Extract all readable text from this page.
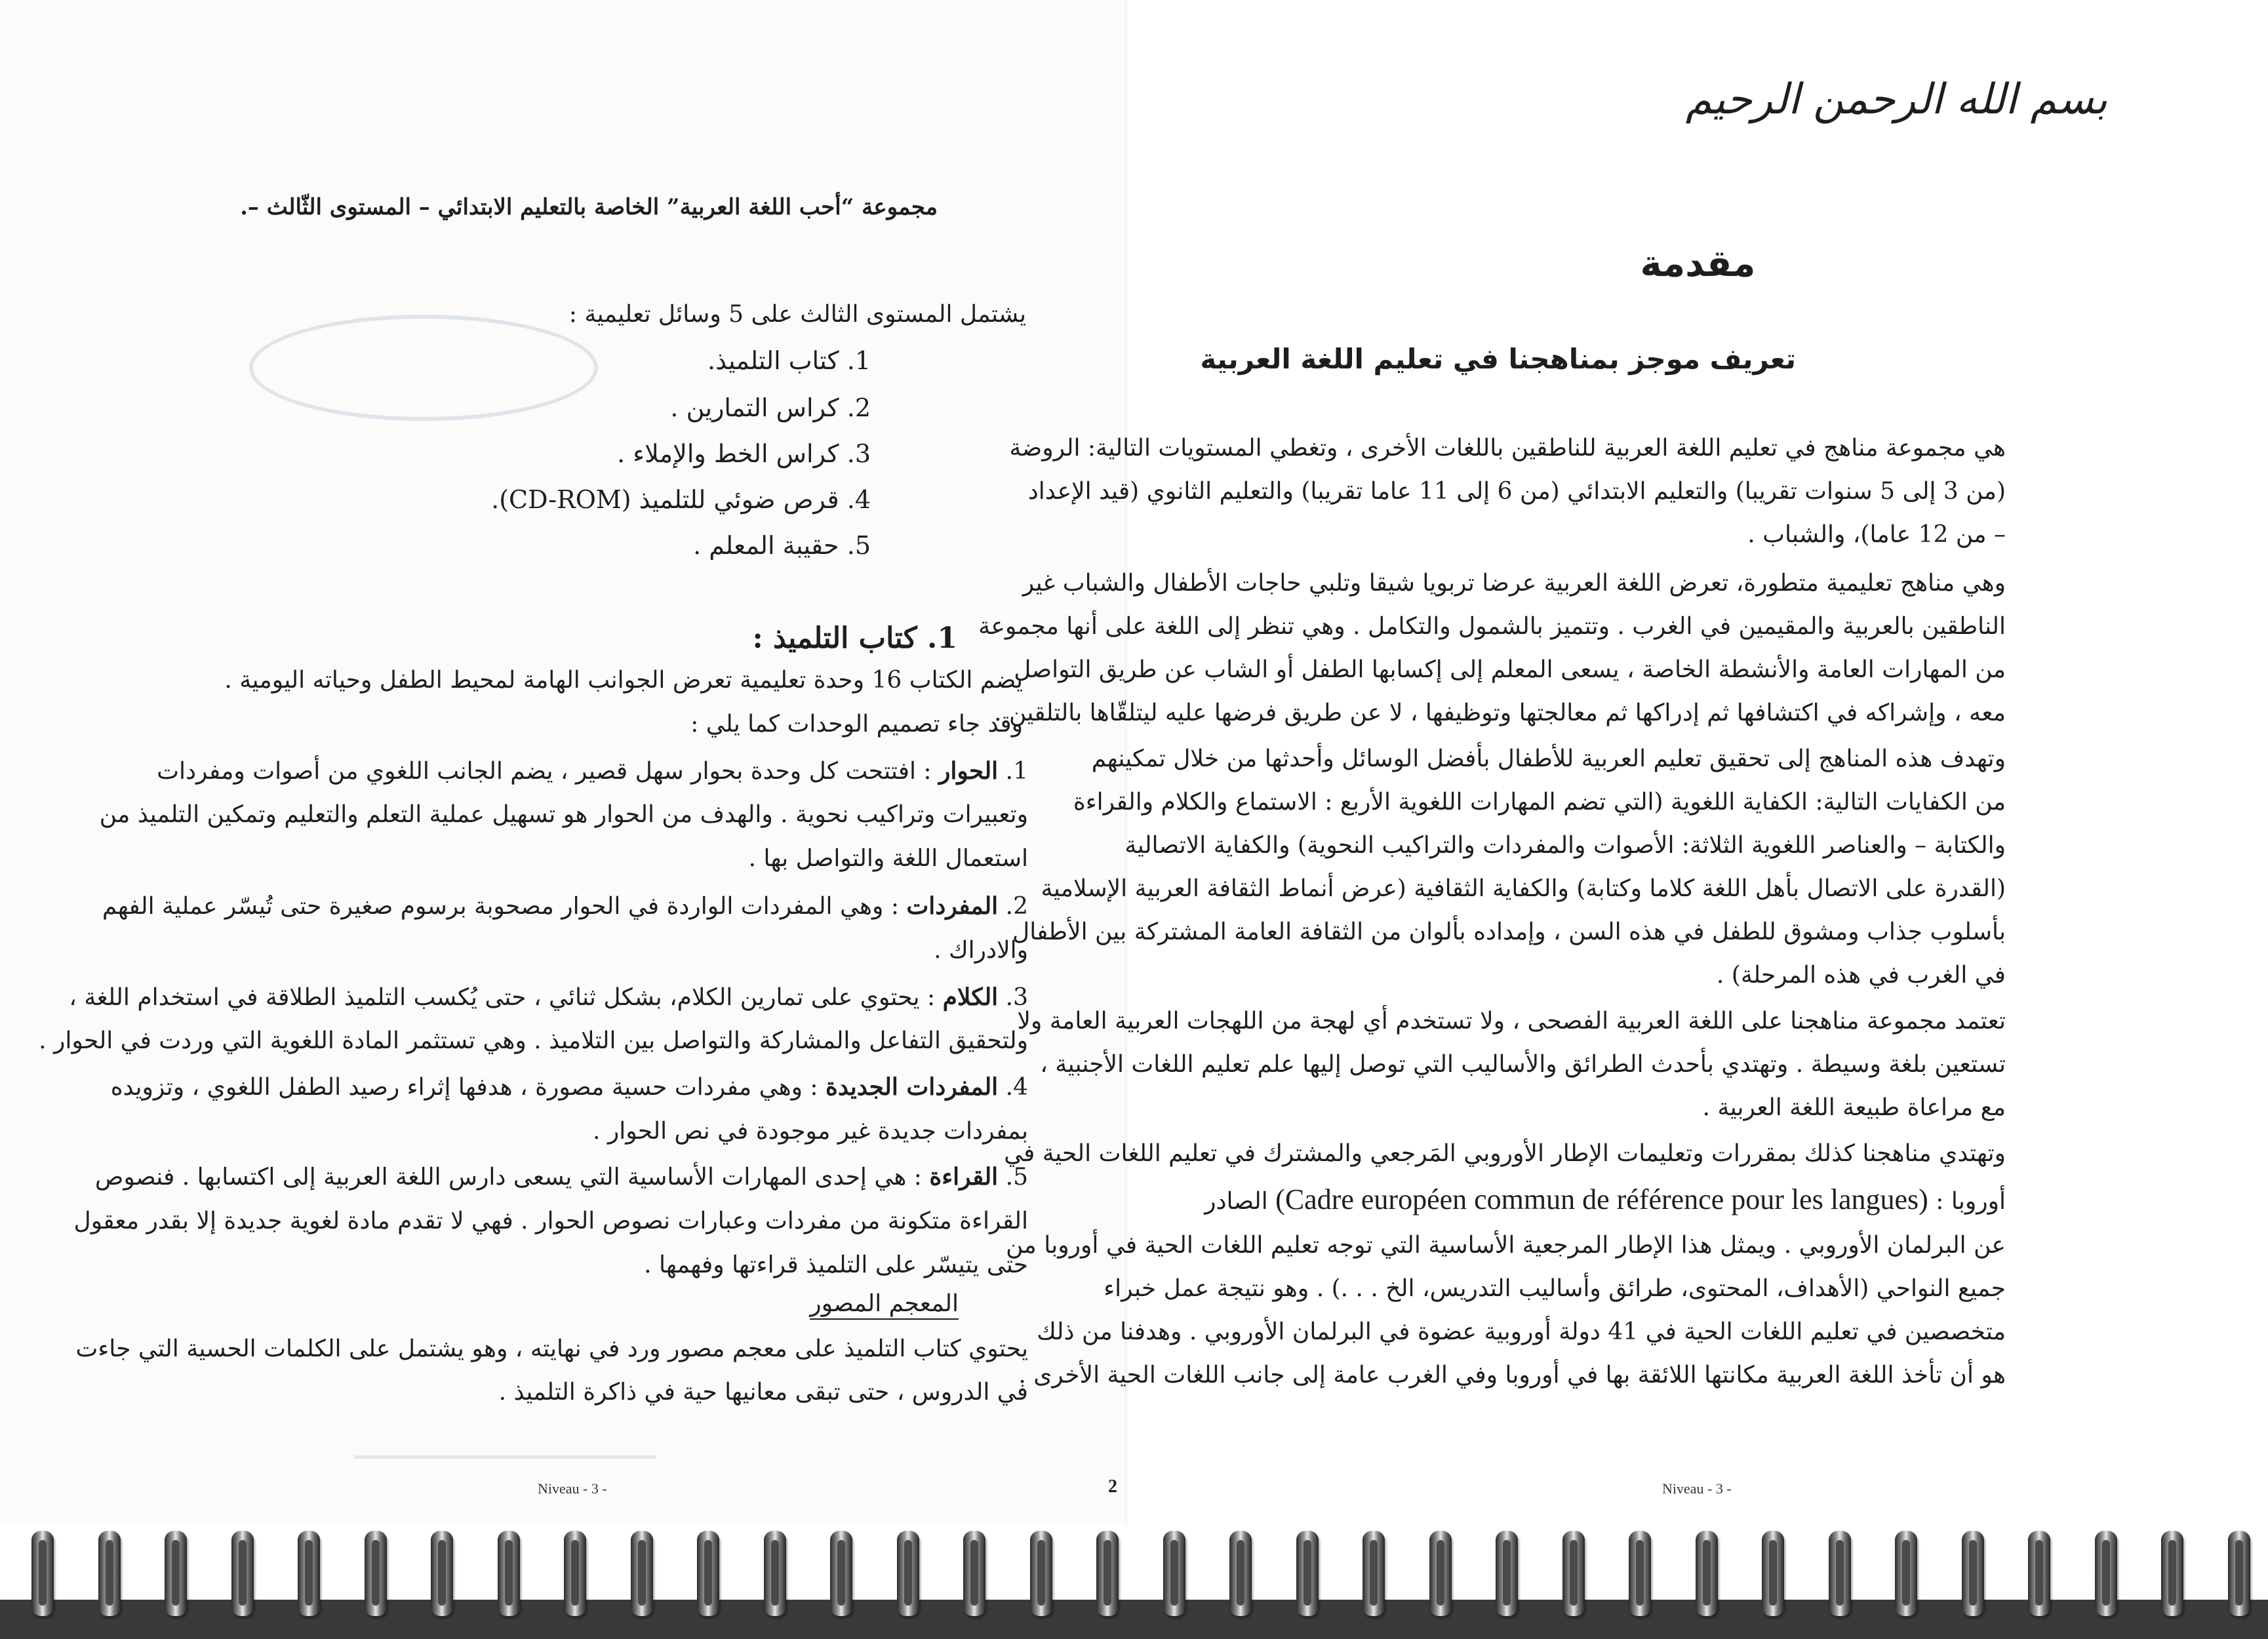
مجموعة “أحب اللغة العربية” الخاصة بالتعليم الابتدائي – المستوى الثّالث –.
يشتمل المستوى الثالث على 5 وسائل تعليمية :
1. كتاب التلميذ.
2. كراس التمارين .
3. كراس الخط والإملاء .
4. قرص ضوئي للتلميذ (CD-ROM).
5. حقيبة المعلم .
1. كتاب التلميذ :
يضم الكتاب 16 وحدة تعليمية تعرض الجوانب الهامة لمحيط الطفل وحياته اليومية .
وقد جاء تصميم الوحدات كما يلي :
1. الحوار : افتتحت كل وحدة بحوار سهل قصير ، يضم الجانب اللغوي من أصوات ومفردات
وتعبيرات وتراكيب نحوية . والهدف من الحوار هو تسهيل عملية التعلم والتعليم وتمكين التلميذ من
استعمال اللغة والتواصل بها .
2. المفردات : وهي المفردات الواردة في الحوار مصحوبة برسوم صغيرة حتى تُيسّر عملية الفهم
والادراك .
3. الكلام : يحتوي على تمارين الكلام، بشكل ثنائي ، حتى يُكسب التلميذ الطلاقة في استخدام اللغة ،
ولتحقيق التفاعل والمشاركة والتواصل بين التلاميذ . وهي تستثمر المادة اللغوية التي وردت في الحوار .
4. المفردات الجديدة : وهي مفردات حسية مصورة ، هدفها إثراء رصيد الطفل اللغوي ، وتزويده
بمفردات جديدة غير موجودة في نص الحوار .
5. القراءة : هي إحدى المهارات الأساسية التي يسعى دارس اللغة العربية إلى اكتسابها . فنصوص
القراءة متكونة من مفردات وعبارات نصوص الحوار . فهي لا تقدم مادة لغوية جديدة إلا بقدر معقول
حتى يتيسّر على التلميذ قراءتها وفهمها .
المعجم المصور
يحتوي كتاب التلميذ على معجم مصور ورد في نهايته ، وهو يشتمل على الكلمات الحسية التي جاءت
في الدروس ، حتى تبقى معانيها حية في ذاكرة التلميذ .
Niveau - 3 -	2
بسم الله الرحمن الرحيم
مقدمة
تعريف موجز بمناهجنا في تعليم اللغة العربية
هي مجموعة مناهج في تعليم اللغة العربية للناطقين باللغات الأخرى ، وتغطي المستويات التالية: الروضة
(من 3 إلى 5 سنوات تقريبا) والتعليم الابتدائي (من 6 إلى 11 عاما تقريبا) والتعليم الثانوي (قيد الإعداد
– من 12 عاما)، والشباب .
وهي مناهج تعليمية متطورة، تعرض اللغة العربية عرضا تربويا شيقا وتلبي حاجات الأطفال والشباب غير
الناطقين بالعربية والمقيمين في الغرب . وتتميز بالشمول والتكامل . وهي تنظر إلى اللغة على أنها مجموعة
من المهارات العامة والأنشطة الخاصة ، يسعى المعلم إلى إكسابها الطفل أو الشاب عن طريق التواصل
معه ، وإشراكه في اكتشافها ثم إدراكها ثم معالجتها وتوظيفها ، لا عن طريق فرضها عليه ليتلقّاها بالتلقين .
وتهدف هذه المناهج إلى تحقيق تعليم العربية للأطفال بأفضل الوسائل وأحدثها من خلال تمكينهم
من الكفايات التالية: الكفاية اللغوية (التي تضم المهارات اللغوية الأربع : الاستماع والكلام والقراءة
والكتابة – والعناصر اللغوية الثلاثة: الأصوات والمفردات والتراكيب النحوية) والكفاية الاتصالية
(القدرة على الاتصال بأهل اللغة كلاما وكتابة) والكفاية الثقافية (عرض أنماط الثقافة العربية الإسلامية
بأسلوب جذاب ومشوق للطفل في هذه السن ، وإمداده بألوان من الثقافة العامة المشتركة بين الأطفال
في الغرب في هذه المرحلة) .
تعتمد مجموعة مناهجنا على اللغة العربية الفصحى ، ولا تستخدم أي لهجة من اللهجات العربية العامة ولا
تستعين بلغة وسيطة . وتهتدي بأحدث الطرائق والأساليب التي توصل إليها علم تعليم اللغات الأجنبية ،
مع مراعاة طبيعة اللغة العربية .
وتهتدي مناهجنا كذلك بمقررات وتعليمات الإطار الأوروبي المَرجعي والمشترك في تعليم اللغات الحية في
أوروبا : (Cadre européen commun de référence pour les langues) الصادر
عن البرلمان الأوروبي . ويمثل هذا الإطار المرجعية الأساسية التي توجه تعليم اللغات الحية في أوروبا من
جميع النواحي (الأهداف، المحتوى، طرائق وأساليب التدريس، الخ . . .) . وهو نتيجة عمل خبراء
متخصصين في تعليم اللغات الحية في 41 دولة أوروبية عضوة في البرلمان الأوروبي . وهدفنا من ذلك
هو أن تأخذ اللغة العربية مكانتها اللائقة بها في أوروبا وفي الغرب عامة إلى جانب اللغات الحية الأخرى .
Niveau - 3 -
